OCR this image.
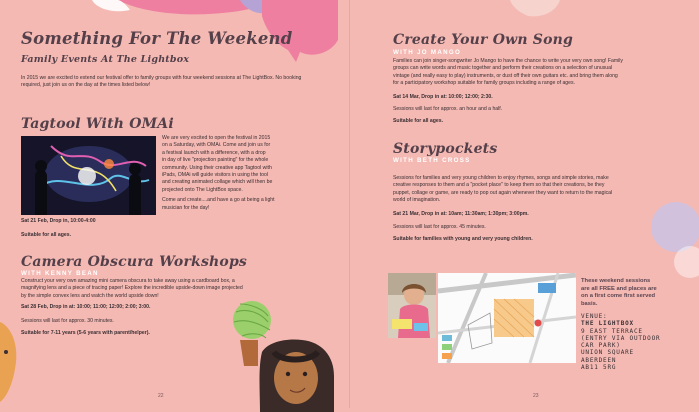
Something For The Weekend
Family Events At The Lightbox

In 2015 we are excited to extend our festival offer to family groups with four weekend sessions at The LightBox. No booking required, just join us on the day at the times listed below!

Tagtool With OMAi
We are very excited to open the festival in 2015
on a Saturday, with OMAi. Come and join us for
a festival launch with a difference, with a drop
in day of live "projection painting" for the whole
community. Using their creative app Tagtool with
iPads, OMAi will guide visitors in using the tool
and creating animated collage which will then be
projected onto The LightBox space.
Come and create....and have a go at being a light
musician for the day!

Sat 21 Feb, Drop in, 10:00-4:00

Suitable for all ages.

Camera Obscura Workshops
WITH KENNY BEAN
Construct your very own amazing mini camera obscura to take away using a cardboard box, a
magnifying lens and a piece of tracing paper! Explore the incredible upside-down image projected
by the simple convex lens and watch the world upside down!

Sat 28 Feb, Drop in at: 10:00; 11:00; 12:00; 2:00; 3:00.

Sessions will last for approx. 30 minutes.

Suitable for 7-11 years (5-6 years with parent/helper).

22
Create Your Own Song
WITH JO MANGO
Families can join singer-songwriter Jo Mango to have the chance to write your very own song! Family
groups can write words and music together and perform their creations on a selection of unusual
vintage (and really easy to play) instruments, or dust off their own guitars etc. and bring them along
for a participatory workshop suitable for family groups including a range of ages.

Sat 14 Mar, Drop in at: 10:00; 12:00; 2:30.

Sessions will last for approx. an hour and a half.

Suitable for all ages.

Storypockets
WITH BETH CROSS
Sessions for families and very young children to enjoy rhymes, songs and simple stories, make
creative responses to them and a "pocket place" to keep them so that their creations, be they
puppet, collage or game, are ready to pop out again whenever they want to return to the magical
world of imagination.

Sat 21 Mar, Drop in at: 10am; 11:30am; 1:30pm; 3:00pm.

Sessions will last for approx. 45 minutes.

Suitable for families with young and very young children.

These weekend sessions
are all FREE and places are
on a first come first served
basis.
VENUE:
THE LIGHTBOX
9 EAST TERRACE
(ENTRY VIA OUTDOOR
CAR PARK)
UNION SQUARE
ABERDEEN
AB11 5RG
23
